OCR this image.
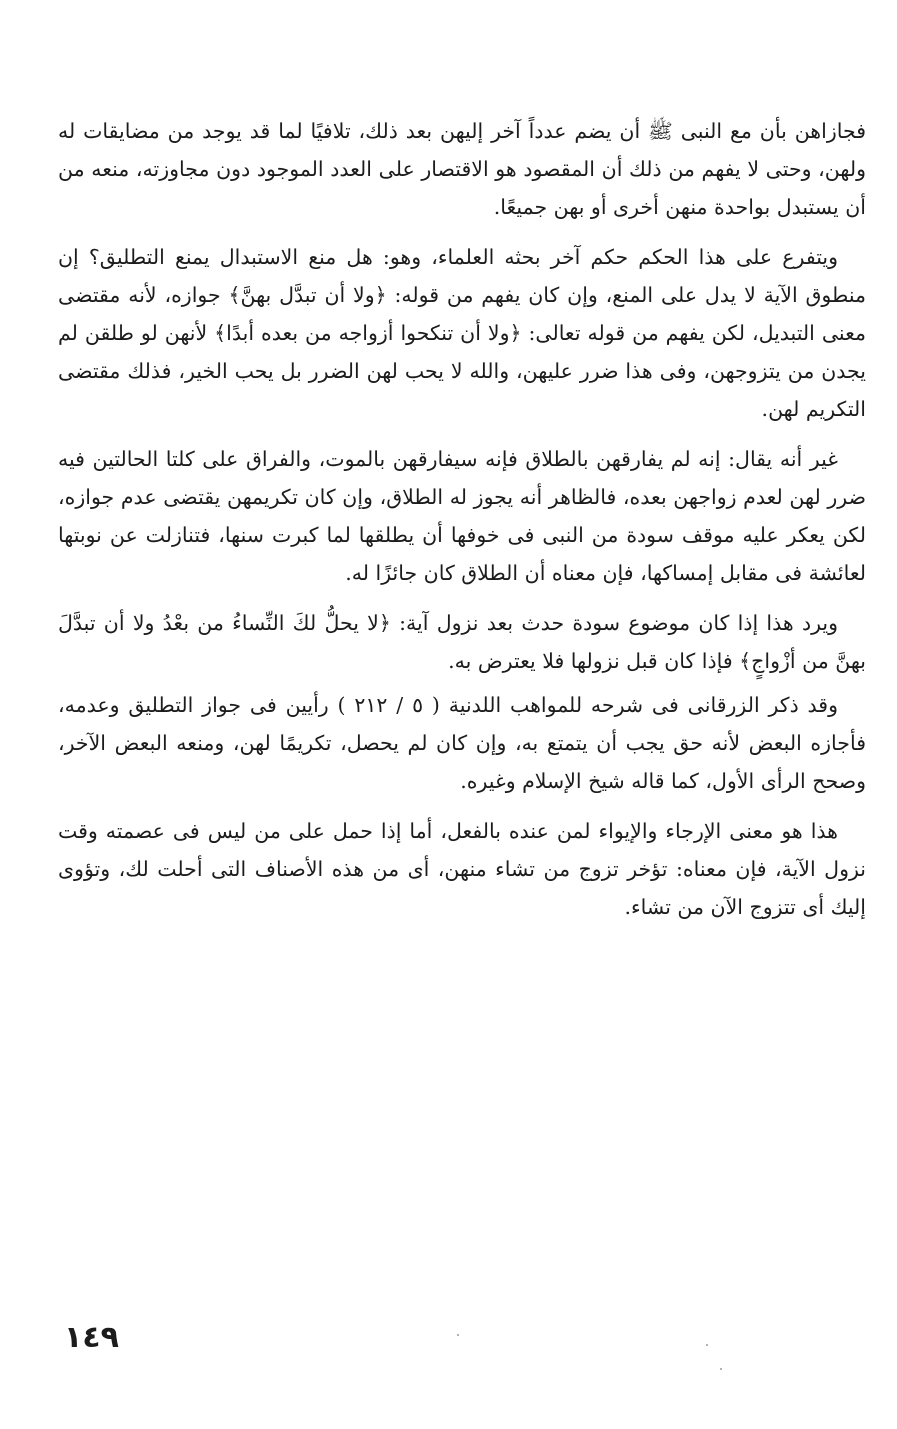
فجازاهن بأن مع النبى ﷺ أن يضم عدداً آخر إليهن بعد ذلك، تلافيًا لما قد يوجد من مضايقات له ولهن، وحتى لا يفهم من ذلك أن المقصود هو الاقتصار على العدد الموجود دون مجاوزته، منعه من أن يستبدل بواحدة منهن أخرى أو بهن جميعًا.

ويتفرع على هذا الحكم حكم آخر بحثه العلماء، وهو: هل منع الاستبدال يمنع التطليق؟ إن منطوق الآية لا يدل على المنع، وإن كان يفهم من قوله: ﴿ولا أن تبدَّل بهنَّ﴾ جوازه، لأنه مقتضى معنى التبديل، لكن يفهم من قوله تعالى: ﴿ولا أن تنكحوا أزواجه من بعده أبدًا﴾ لأنهن لو طلقن لم يجدن من يتزوجهن، وفى هذا ضرر عليهن، والله لا يحب لهن الضرر بل يحب الخير، فذلك مقتضى التكريم لهن.

غير أنه يقال: إنه لم يفارقهن بالطلاق فإنه سيفارقهن بالموت، والفراق على كلتا الحالتين فيه ضرر لهن لعدم زواجهن بعده، فالظاهر أنه يجوز له الطلاق، وإن كان تكريمهن يقتضى عدم جوازه، لكن يعكر عليه موقف سودة من النبى فى خوفها أن يطلقها لما كبرت سنها، فتنازلت عن نوبتها لعائشة فى مقابل إمساكها، فإن معناه أن الطلاق كان جائزًا له.

ويرد هذا إذا كان موضوع سودة حدث بعد نزول آية: ﴿لا يحلُّ لكَ النِّساءُ من بعْدُ ولا أن تبدَّلَ بهنَّ من أزْواجٍ﴾ فإذا كان قبل نزولها فلا يعترض به.

وقد ذكر الزرقانى فى شرحه للمواهب اللدنية ( ٥ / ٢١٢ ) رأيين فى جواز التطليق وعدمه، فأجازه البعض لأنه حق يجب أن يتمتع به، وإن كان لم يحصل، تكريمًا لهن، ومنعه البعض الآخر، وصحح الرأى الأول، كما قاله شيخ الإسلام وغيره.

هذا هو معنى الإرجاء والإيواء لمن عنده بالفعل، أما إذا حمل على من ليس فى عصمته وقت نزول الآية، فإن معناه: تؤخر تزوج من تشاء منهن، أى من هذه الأصناف التى أحلت لك، وتؤوى إليك أى تتزوج الآن من تشاء.

١٤٩
